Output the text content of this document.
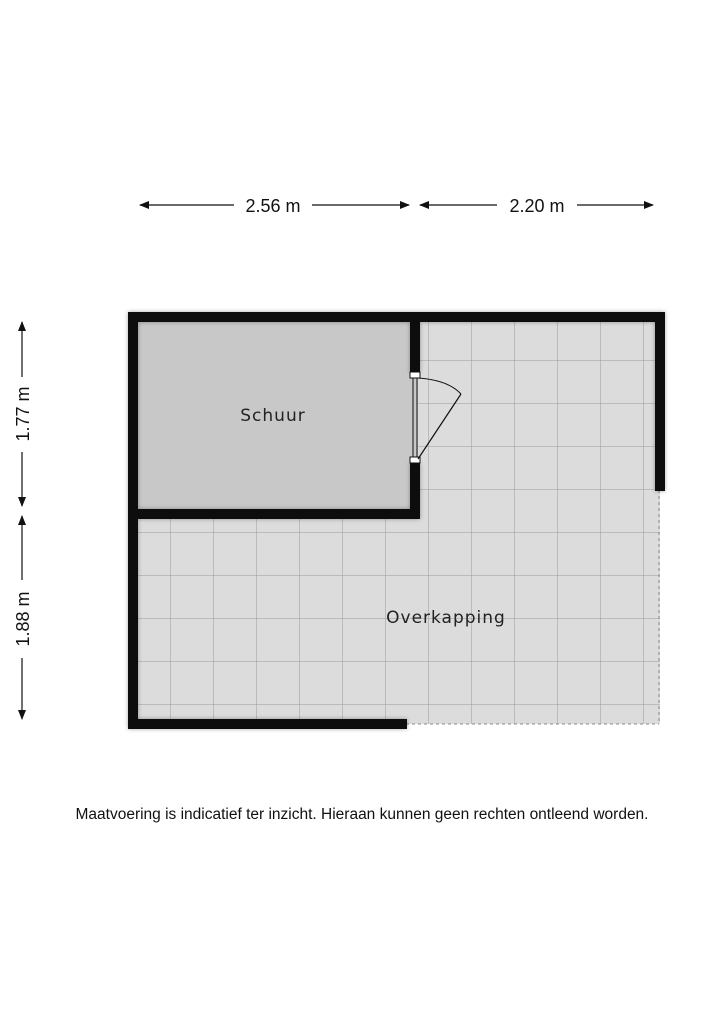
Schuur
Overkapping
2.56 m	2.20 m
1.77 m
1.88 m
Maatvoering is indicatief ter inzicht. Hieraan kunnen geen rechten ontleend worden.
